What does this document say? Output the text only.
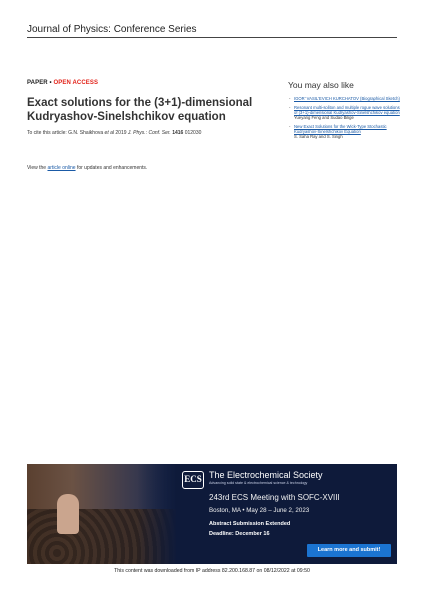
Journal of Physics: Conference Series
PAPER • OPEN ACCESS
Exact solutions for the (3+1)-dimensional Kudryashov-Sinelshchikov equation
To cite this article: G.N. Shaikhova et al 2019 J. Phys.: Conf. Ser. 1416 012030
View the article online for updates and enhancements.
You may also like
- IGOR' VASIL'EVICH KURCHATOV (Biographical Sketch)
- Resonant multi-soliton and multiple rogue wave solutions of (3+1)-dimensional Kudryashov-Sinelshchikov equation
Yueyang Feng and Sudao Bilige
- New Exact Solutions for the Wick-Type Stochastic Kudryashov-Sinelshchikov Equation
S. Saha Ray and S. Singh
ECS The Electrochemical Society
Advancing solid state & electrochemical science & technology
243rd ECS Meeting with SOFC-XVIII
Boston, MA • May 28 – June 2, 2023
Abstract Submission Extended
Deadline: December 16
Learn more and submit!
This content was downloaded from IP address 82.200.168.87 on 08/12/2022 at 09:50
